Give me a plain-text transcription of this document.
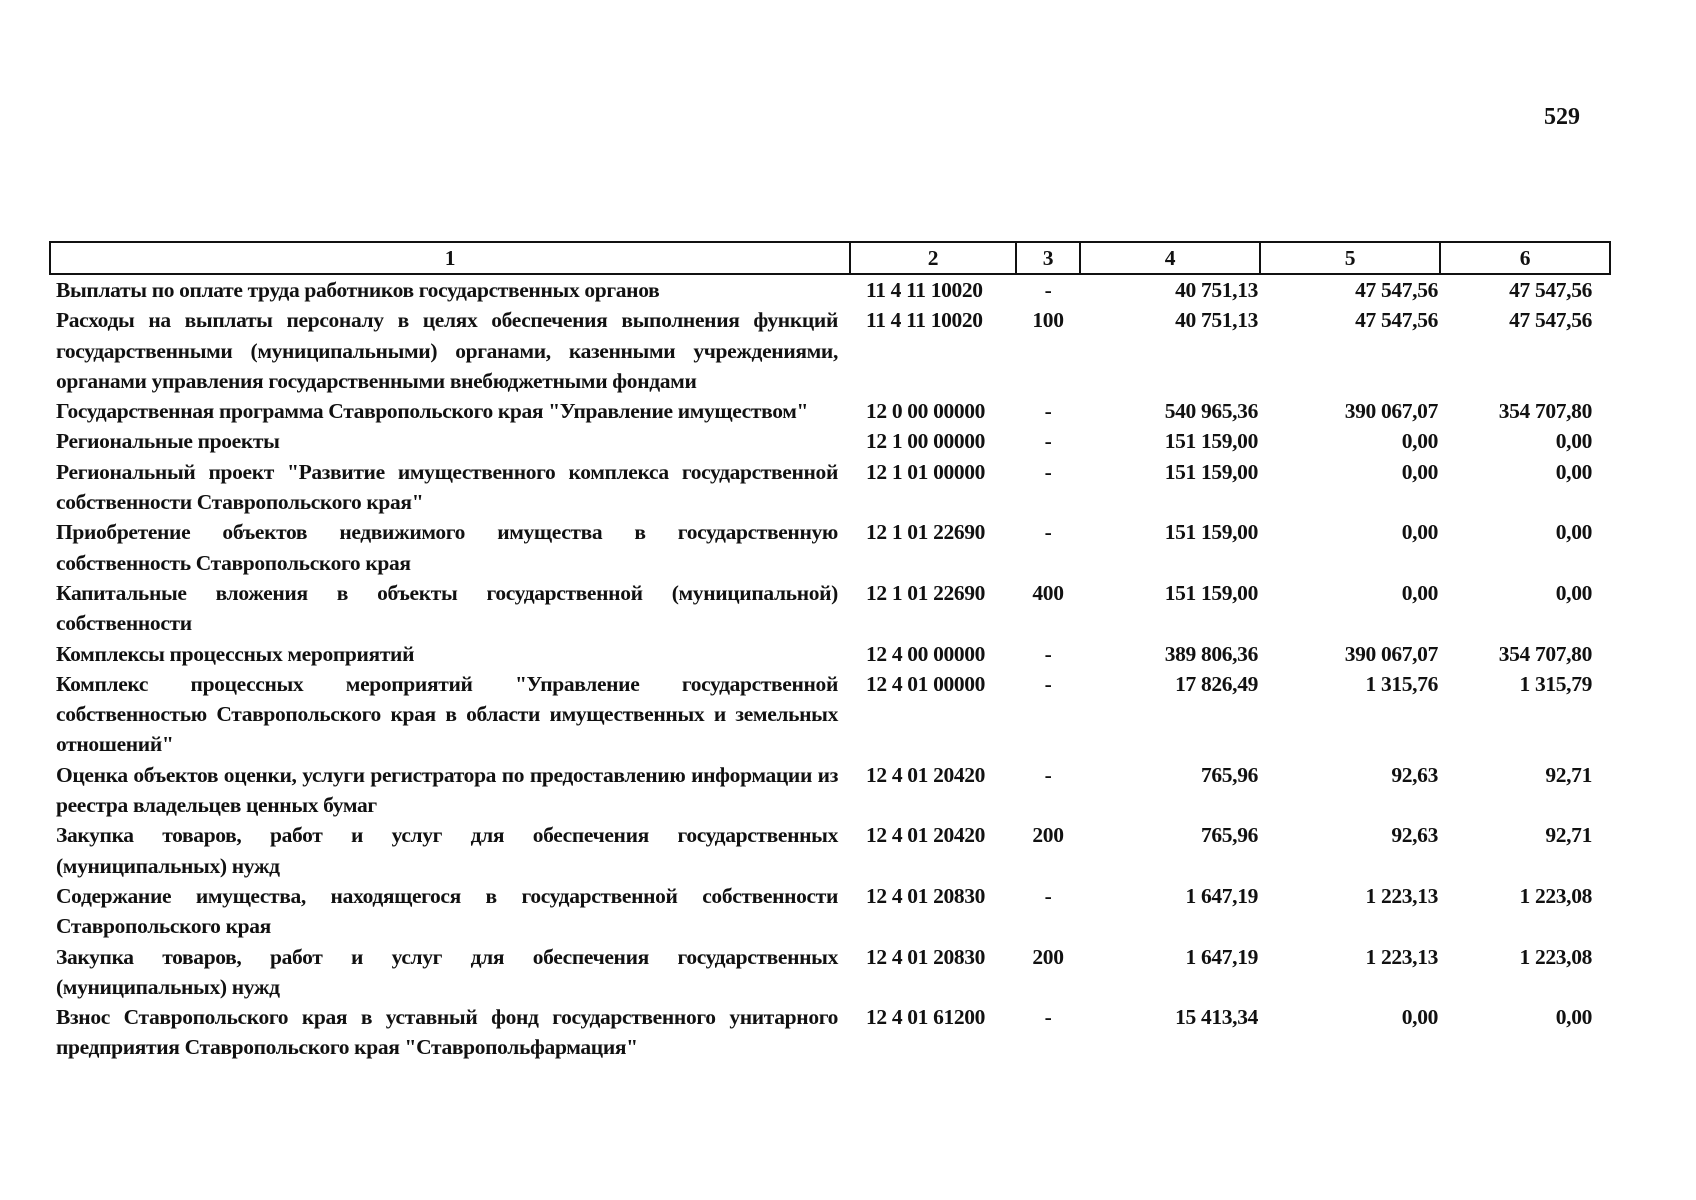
529
1	2	3	4	5	6
Выплаты по оплате труда работников государственных органов	11 4 11 10020	-	40 751,13	47 547,56	47 547,56
Расходы на выплаты персоналу в целях обеспечения выполнения функций государственными (муниципальными) органами, казенными учреждениями, органами управления государственными внебюджетными фондами	11 4 11 10020	100	40 751,13	47 547,56	47 547,56
Государственная программа Ставропольского края "Управление имуществом"	12 0 00 00000	-	540 965,36	390 067,07	354 707,80
Региональные проекты	12 1 00 00000	-	151 159,00	0,00	0,00
Региональный проект "Развитие имущественного комплекса государственной собственности Ставропольского края"	12 1 01 00000	-	151 159,00	0,00	0,00
Приобретение объектов недвижимого имущества в государственную собственность Ставропольского края	12 1 01 22690	-	151 159,00	0,00	0,00
Капитальные вложения в объекты государственной (муниципальной) собственности	12 1 01 22690	400	151 159,00	0,00	0,00
Комплексы процессных мероприятий	12 4 00 00000	-	389 806,36	390 067,07	354 707,80
Комплекс процессных мероприятий "Управление государственной собственностью Ставропольского края в области имущественных и земельных отношений"	12 4 01 00000	-	17 826,49	1 315,76	1 315,79
Оценка объектов оценки, услуги регистратора по предоставлению информации из реестра владельцев ценных бумаг	12 4 01 20420	-	765,96	92,63	92,71
Закупка товаров, работ и услуг для обеспечения государственных (муниципальных) нужд	12 4 01 20420	200	765,96	92,63	92,71
Содержание имущества, находящегося в государственной собственности Ставропольского края	12 4 01 20830	-	1 647,19	1 223,13	1 223,08
Закупка товаров, работ и услуг для обеспечения государственных (муниципальных) нужд	12 4 01 20830	200	1 647,19	1 223,13	1 223,08
Взнос Ставропольского края в уставный фонд государственного унитарного предприятия Ставропольского края "Ставропольфармация"	12 4 01 61200	-	15 413,34	0,00	0,00
